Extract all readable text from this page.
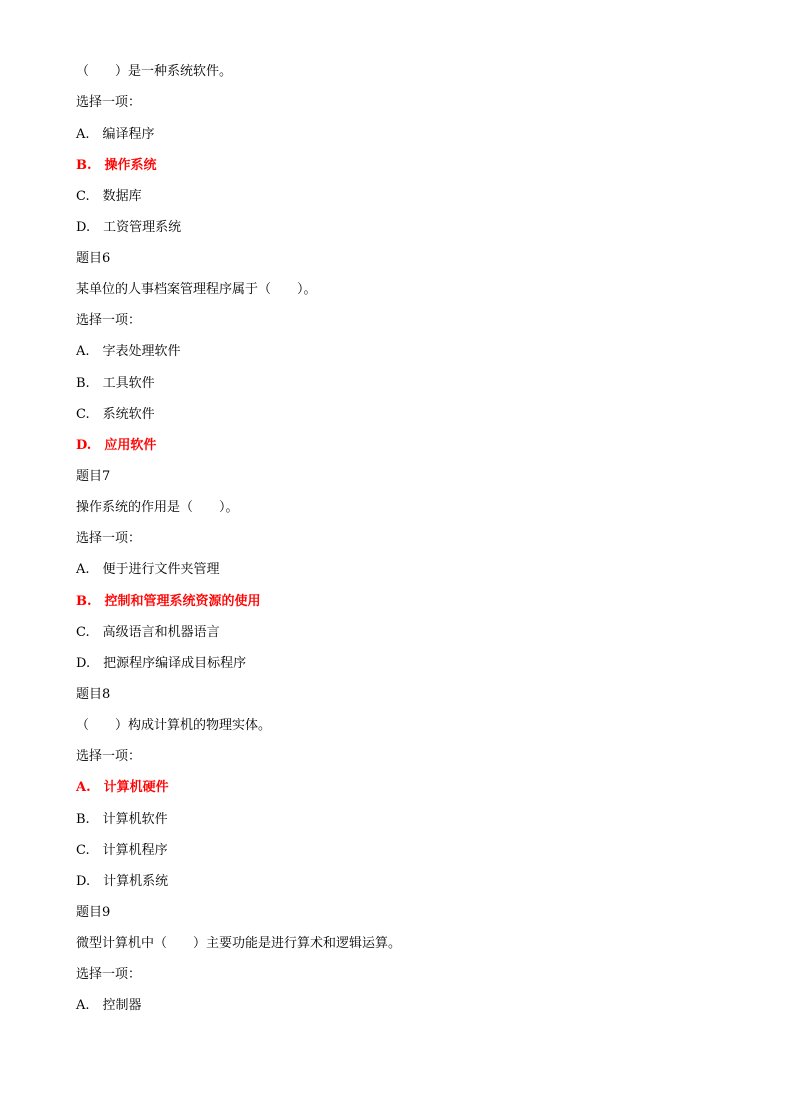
（　　）是一种系统软件。
选择一项：
A.　编译程序
B.　操作系统
C.　数据库
D.　工资管理系统
题目6
某单位的人事档案管理程序属于（　　）。
选择一项：
A.　字表处理软件
B.　工具软件
C.　系统软件
D.　应用软件
题目7
操作系统的作用是（　　）。
选择一项：
A.　便于进行文件夹管理
B.　控制和管理系统资源的使用
C.　高级语言和机器语言
D.　把源程序编译成目标程序
题目8
（　　）构成计算机的物理实体。
选择一项：
A.　计算机硬件
B.　计算机软件
C.　计算机程序
D.　计算机系统
题目9
微型计算机中（　　）主要功能是进行算术和逻辑运算。
选择一项：
A.　控制器
